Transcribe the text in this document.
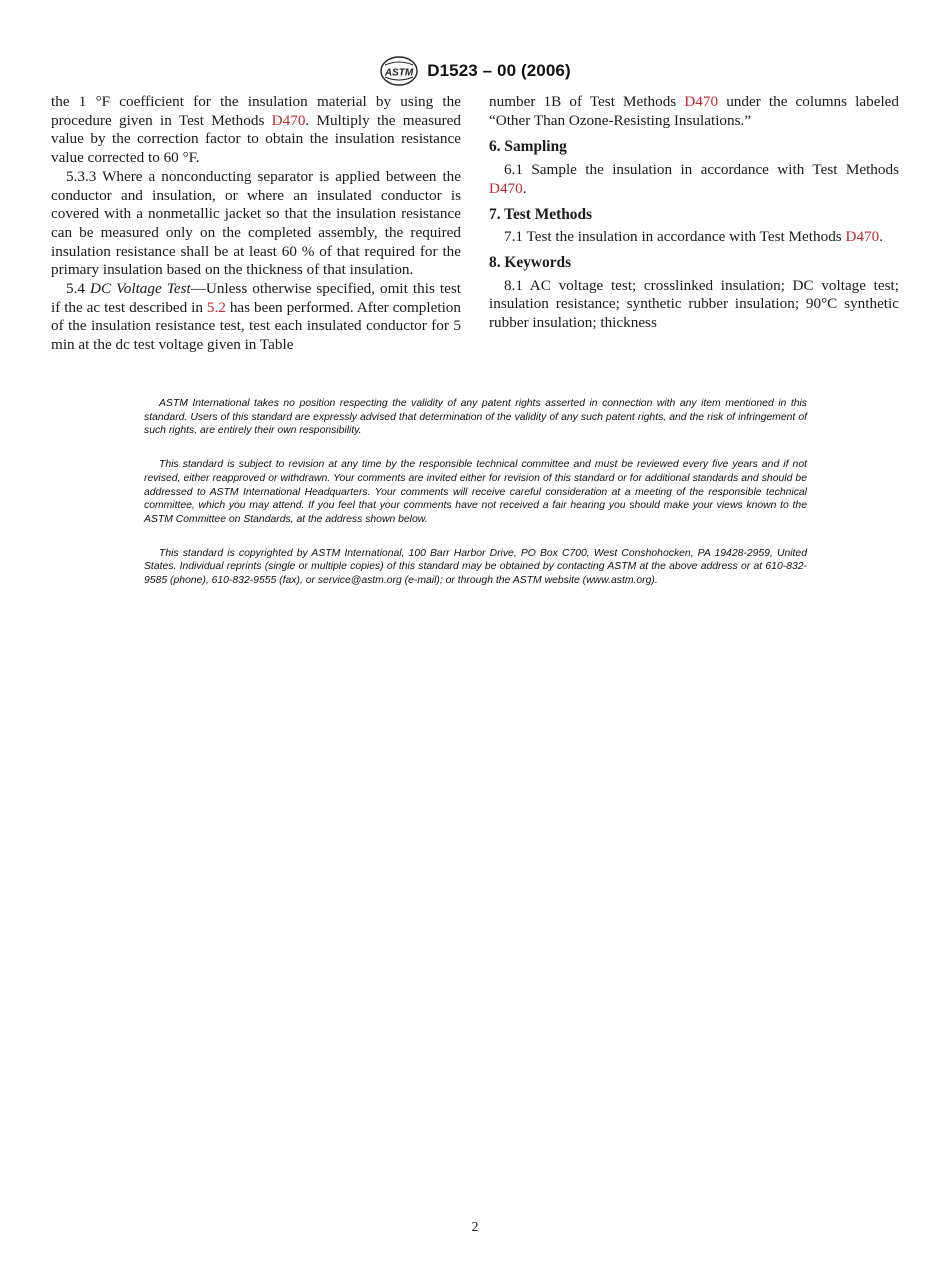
ASTM D1523 – 00 (2006)

the 1 °F coefficient for the insulation material by using the procedure given in Test Methods D470. Multiply the measured value by the correction factor to obtain the insulation resistance value corrected to 60 °F.

5.3.3 Where a nonconducting separator is applied between the conductor and insulation, or where an insulated conductor is covered with a nonmetallic jacket so that the insulation resistance can be measured only on the completed assembly, the required insulation resistance shall be at least 60 % of that required for the primary insulation based on the thickness of that insulation.

5.4 DC Voltage Test—Unless otherwise specified, omit this test if the ac test described in 5.2 has been performed. After completion of the insulation resistance test, test each insulated conductor for 5 min at the dc test voltage given in Table

number 1B of Test Methods D470 under the columns labeled “Other Than Ozone-Resisting Insulations.”

6. Sampling

6.1 Sample the insulation in accordance with Test Methods D470.

7. Test Methods

7.1 Test the insulation in accordance with Test Methods D470.

8. Keywords

8.1 AC voltage test; crosslinked insulation; DC voltage test; insulation resistance; synthetic rubber insulation; 90°C synthetic rubber insulation; thickness

ASTM International takes no position respecting the validity of any patent rights asserted in connection with any item mentioned in this standard. Users of this standard are expressly advised that determination of the validity of any such patent rights, and the risk of infringement of such rights, are entirely their own responsibility.

This standard is subject to revision at any time by the responsible technical committee and must be reviewed every five years and if not revised, either reapproved or withdrawn. Your comments are invited either for revision of this standard or for additional standards and should be addressed to ASTM International Headquarters. Your comments will receive careful consideration at a meeting of the responsible technical committee, which you may attend. If you feel that your comments have not received a fair hearing you should make your views known to the ASTM Committee on Standards, at the address shown below.

This standard is copyrighted by ASTM International, 100 Barr Harbor Drive, PO Box C700, West Conshohocken, PA 19428-2959, United States. Individual reprints (single or multiple copies) of this standard may be obtained by contacting ASTM at the above address or at 610-832-9585 (phone), 610-832-9555 (fax), or service@astm.org (e-mail); or through the ASTM website (www.astm.org).

2
